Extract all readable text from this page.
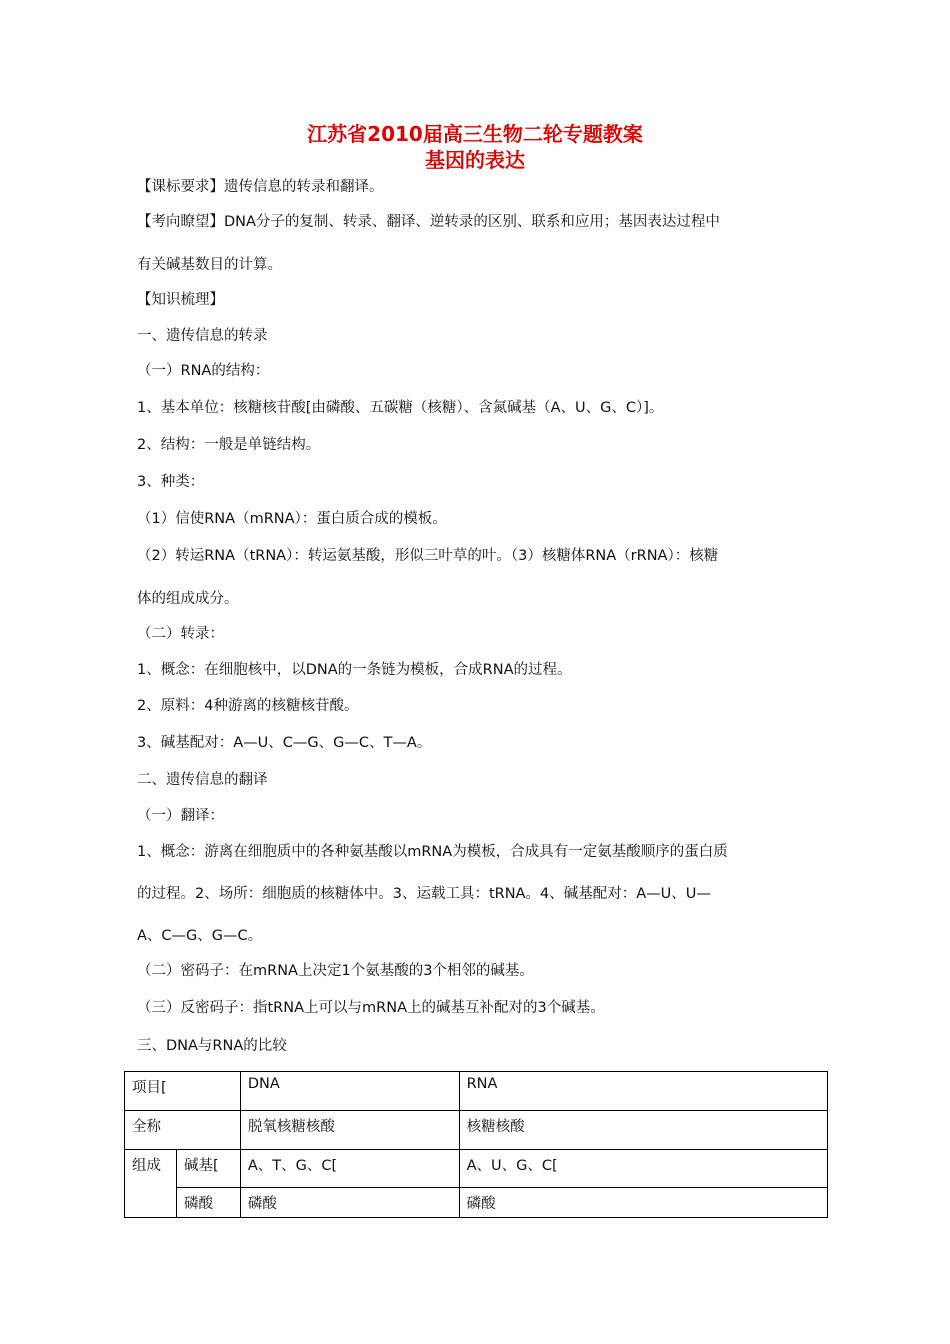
江苏省2010届高三生物二轮专题教案

基因的表达

【课标要求】遗传信息的转录和翻译。

【考向瞭望】DNA分子的复制、转录、翻译、逆转录的区别、联系和应用；基因表达过程中

有关碱基数目的计算。

【知识梳理】

一、遗传信息的转录

（一）RNA的结构：

1、基本单位：核糖核苷酸[由磷酸、五碳糖（核糖）、含氮碱基（A、U、G、C）]。

2、结构：一般是单链结构。

3、种类：

（1）信使RNA（mRNA）：蛋白质合成的模板。

（2）转运RNA（tRNA）：转运氨基酸，形似三叶草的叶。（3）核糖体RNA（rRNA）：核糖

体的组成成分。

（二）转录：

1、概念：在细胞核中，以DNA的一条链为模板，合成RNA的过程。

2、原料：4种游离的核糖核苷酸。

3、碱基配对：A—U、C—G、G—C、T—A。

二、遗传信息的翻译

（一）翻译：

1、概念：游离在细胞质中的各种氨基酸以mRNA为模板，合成具有一定氨基酸顺序的蛋白质

的过程。2、场所：细胞质的核糖体中。3、运载工具：tRNA。4、碱基配对：A—U、U—

A、C—G、G—C。

（二）密码子：在mRNA上决定1个氨基酸的3个相邻的碱基。

（三）反密码子：指tRNA上可以与mRNA上的碱基互补配对的3个碱基。

三、DNA与RNA的比较

项目[		DNA	RNA
全称		脱氧核糖核酸	核糖核酸
组成	碱基[	A、T、G、C[	A、U、G、C[
	磷酸	磷酸	磷酸
